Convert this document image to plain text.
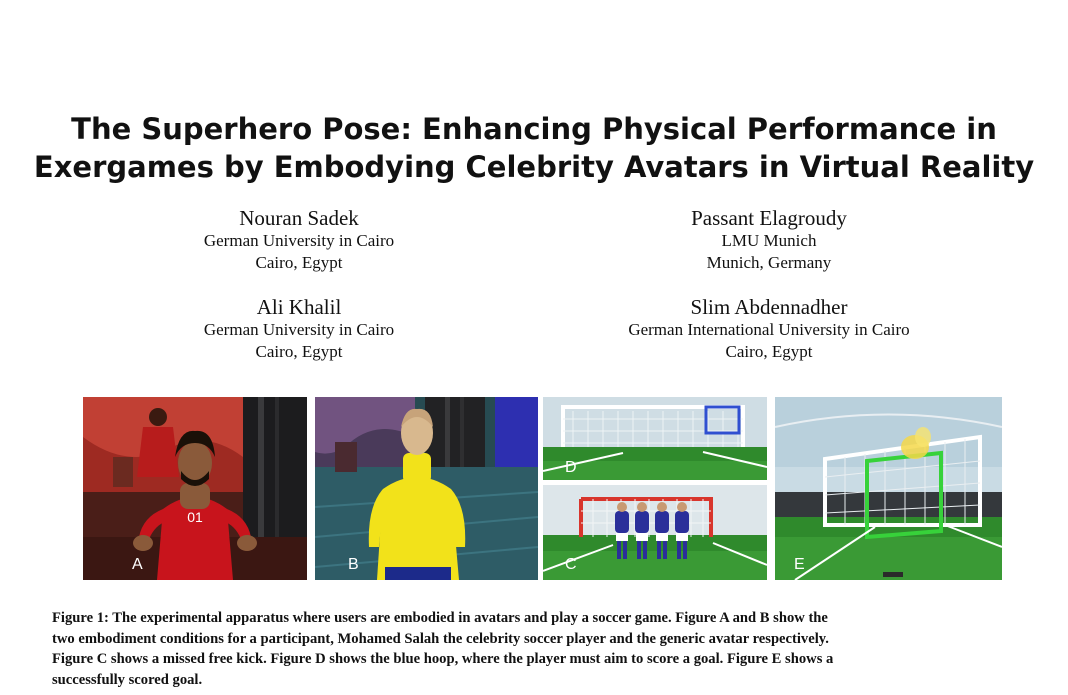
The Superhero Pose: Enhancing Physical Performance in
Exergames by Embodying Celebrity Avatars in Virtual Reality
Nouran Sadek
German University in Cairo
Cairo, Egypt
Passant Elagroudy
LMU Munich
Munich, Germany
Ali Khalil
German University in Cairo
Cairo, Egypt
Slim Abdennadher
German International University in Cairo
Cairo, Egypt
01
A	B
D
C	E
Figure 1: The experimental apparatus where users are embodied in avatars and play a soccer game. Figure A and B show the
two embodiment conditions for a participant, Mohamed Salah the celebrity soccer player and the generic avatar respectively.
Figure C shows a missed free kick. Figure D shows the blue hoop, where the player must aim to score a goal. Figure E shows a
successfully scored goal.
